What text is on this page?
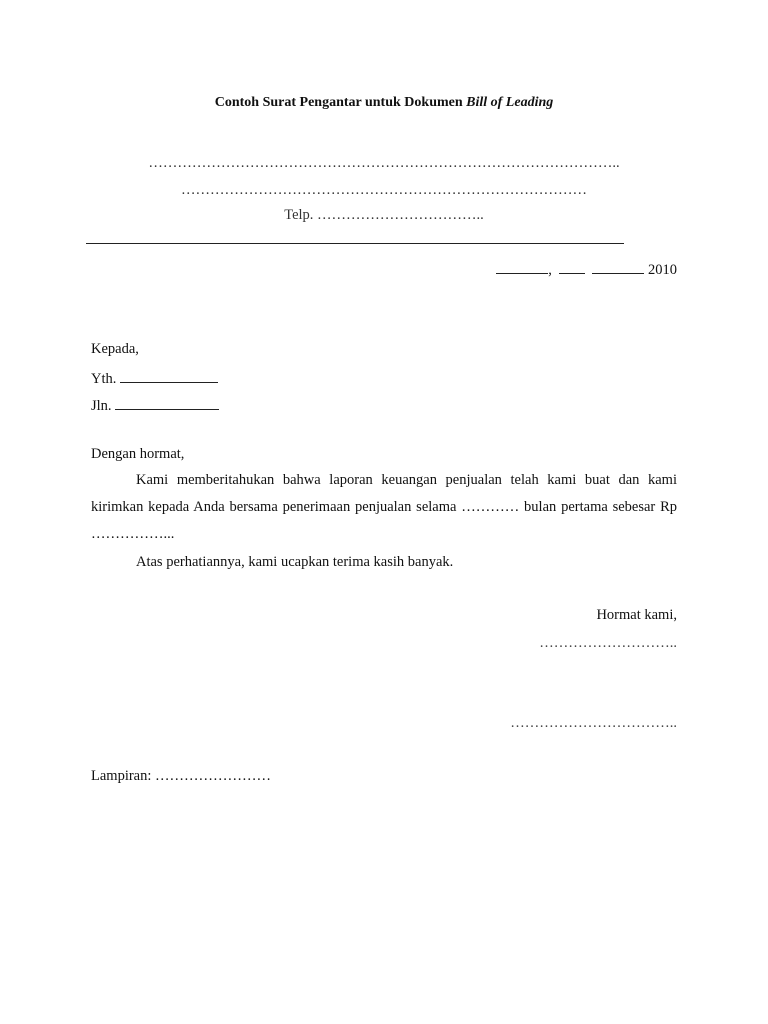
Contoh Surat Pengantar untuk Dokumen Bill of Leading
……………………………………………………………………………………..
…………………………………………………………………………
Telp. ……………………………..
,	2010
Kepada,
Yth.
Jln.
Dengan hormat,
Kami memberitahukan bahwa laporan keuangan penjualan telah kami buat dan kami kirimkan kepada Anda bersama penerimaan penjualan selama ………… bulan pertama sebesar Rp ……………...
Atas perhatiannya, kami ucapkan terima kasih banyak.
Hormat kami,
………………………..
……………………………..
Lampiran: ……………………
